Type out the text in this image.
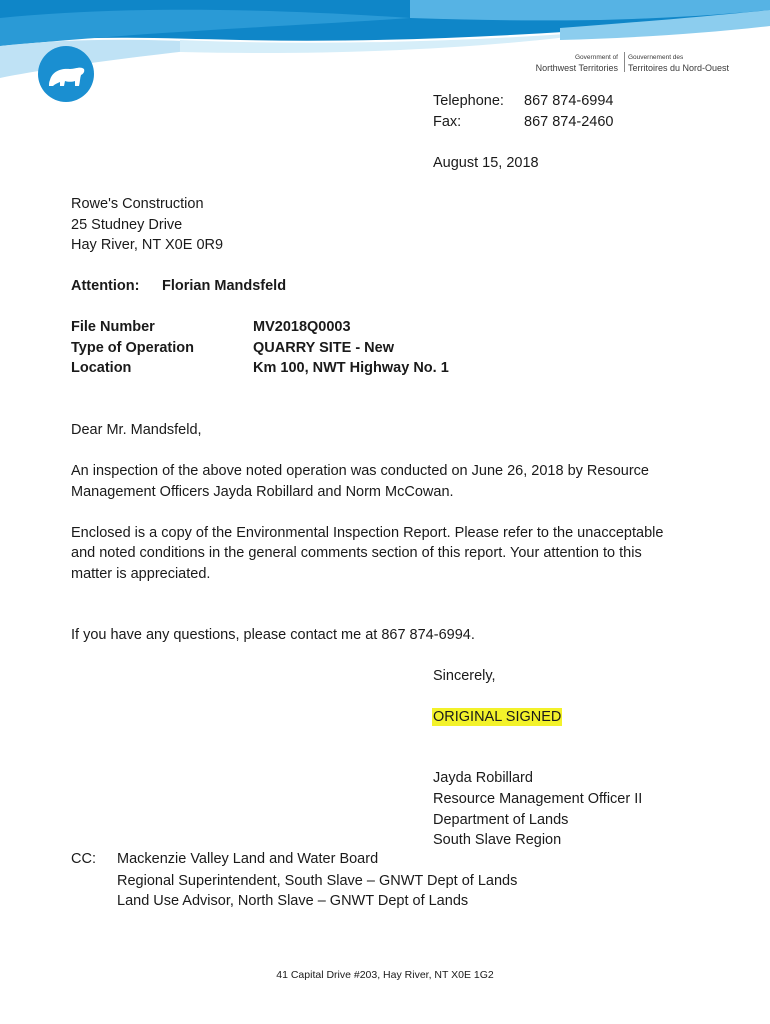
Government of	Gouvernement des
Northwest Territories	Territoires du Nord-Ouest
Telephone: 867 874-6994
Fax:	867 874-2460
August 15, 2018
Rowe's Construction
25 Studney Drive
Hay River, NT X0E 0R9
Attention: Florian Mandsfeld
File Number	MV2018Q0003
Type of Operation	QUARRY SITE - New
Location	Km 100, NWT Highway No. 1
Dear Mr. Mandsfeld,
An inspection of the above noted operation was conducted on June 26, 2018 by Resource
Management Officers Jayda Robillard and Norm McCowan.
Enclosed is a copy of the Environmental Inspection Report. Please refer to the unacceptable
and noted conditions in the general comments section of this report. Your attention to this
matter is appreciated.
If you have any questions, please contact me at 867 874-6994.
Sincerely,
ORIGINAL SIGNED
Jayda Robillard
Resource Management Officer II
Department of Lands
South Slave Region
CC: Mackenzie Valley Land and Water Board
Regional Superintendent, South Slave – GNWT Dept of Lands
Land Use Advisor, North Slave – GNWT Dept of Lands
41 Capital Drive #203, Hay River, NT X0E 1G2
